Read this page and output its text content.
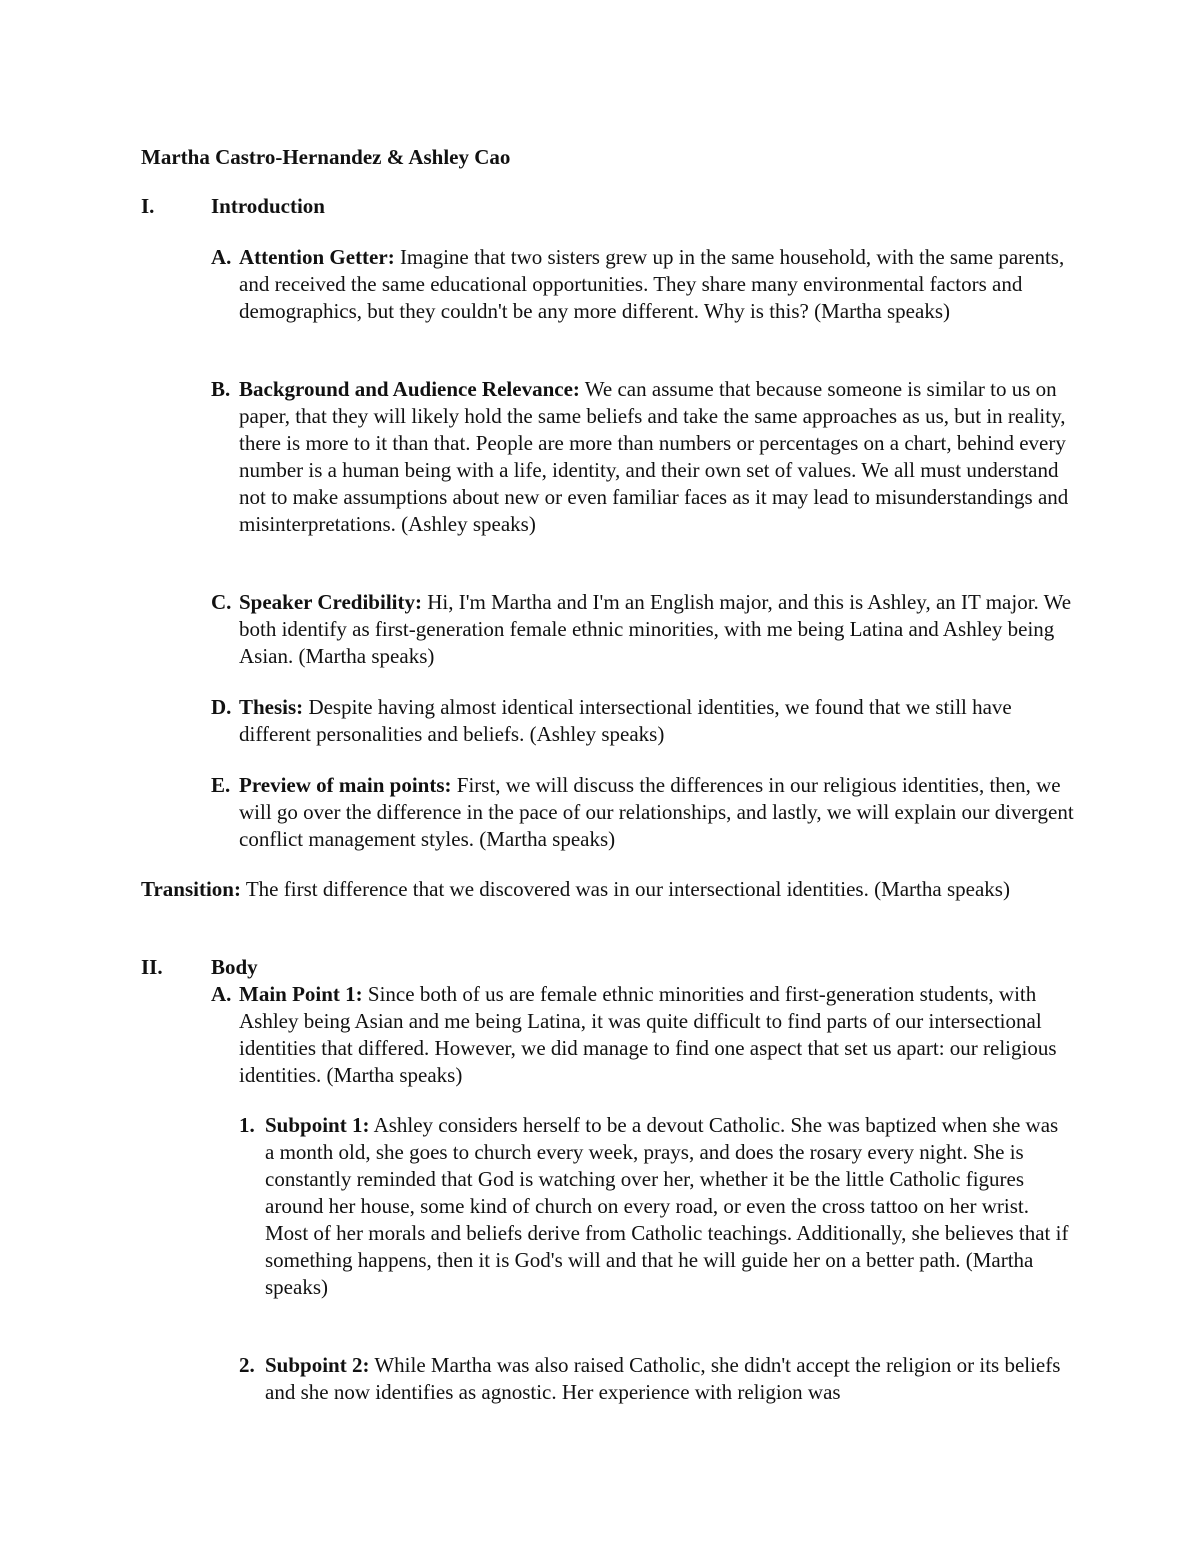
Martha Castro-Hernandez & Ashley Cao
I.	Introduction
A. Attention Getter: Imagine that two sisters grew up in the same household, with the same parents, and received the same educational opportunities. They share many environmental factors and demographics, but they couldn't be any more different. Why is this? (Martha speaks)

B. Background and Audience Relevance: We can assume that because someone is similar to us on paper, that they will likely hold the same beliefs and take the same approaches as us, but in reality, there is more to it than that. People are more than numbers or percentages on a chart, behind every number is a human being with a life, identity, and their own set of values. We all must understand not to make assumptions about new or even familiar faces as it may lead to misunderstandings and misinterpretations. (Ashley speaks)

C. Speaker Credibility: Hi, I'm Martha and I'm an English major, and this is Ashley, an IT major. We both identify as first-generation female ethnic minorities, with me being Latina and Ashley being Asian. (Martha speaks)

D. Thesis: Despite having almost identical intersectional identities, we found that we still have different personalities and beliefs. (Ashley speaks)

E. Preview of main points: First, we will discuss the differences in our religious identities, then, we will go over the difference in the pace of our relationships, and lastly, we will explain our divergent conflict management styles. (Martha speaks)

Transition: The first difference that we discovered was in our intersectional identities. (Martha speaks)

II. Body
A. Main Point 1: Since both of us are female ethnic minorities and first-generation students, with Ashley being Asian and me being Latina, it was quite difficult to find parts of our intersectional identities that differed. However, we did manage to find one aspect that set us apart: our religious identities. (Martha speaks)

1. Subpoint 1: Ashley considers herself to be a devout Catholic. She was baptized when she was a month old, she goes to church every week, prays, and does the rosary every night. She is constantly reminded that God is watching over her, whether it be the little Catholic figures around her house, some kind of church on every road, or even the cross tattoo on her wrist. Most of her morals and beliefs derive from Catholic teachings. Additionally, she believes that if something happens, then it is God's will and that he will guide her on a better path. (Martha speaks)

2. Subpoint 2: While Martha was also raised Catholic, she didn't accept the religion or its beliefs and she now identifies as agnostic. Her experience with religion was
